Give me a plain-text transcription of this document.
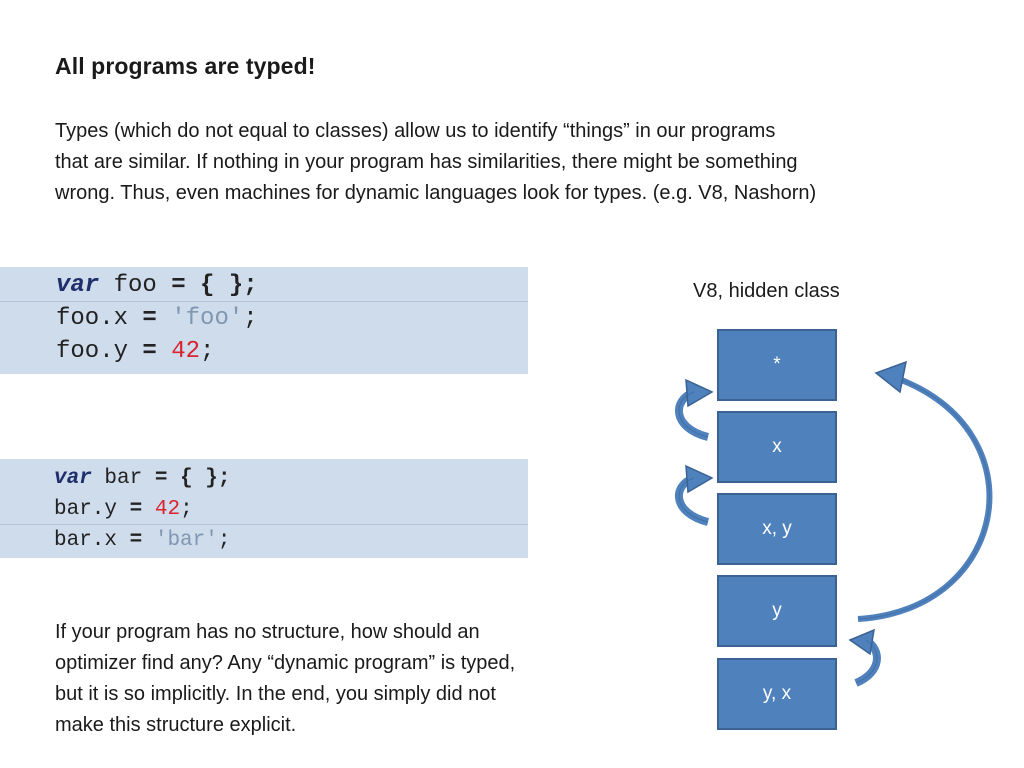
All programs are typed!

Types (which do not equal to classes) allow us to identify “things” in our programs

that are similar. If nothing in your program has similarities, there might be something

wrong. Thus, even machines for dynamic languages look for types. (e.g. V8, Nashorn)

var foo = { };
foo.x = 'foo';
foo.y = 42;
var bar = { };
bar.y = 42;
bar.x = 'bar';

If your program has no structure, how should an

optimizer find any? Any “dynamic program” is typed,

but it is so implicitly. In the end, you simply did not

make this structure explicit.

V8, hidden class
*
x
x, y
y
y, x
